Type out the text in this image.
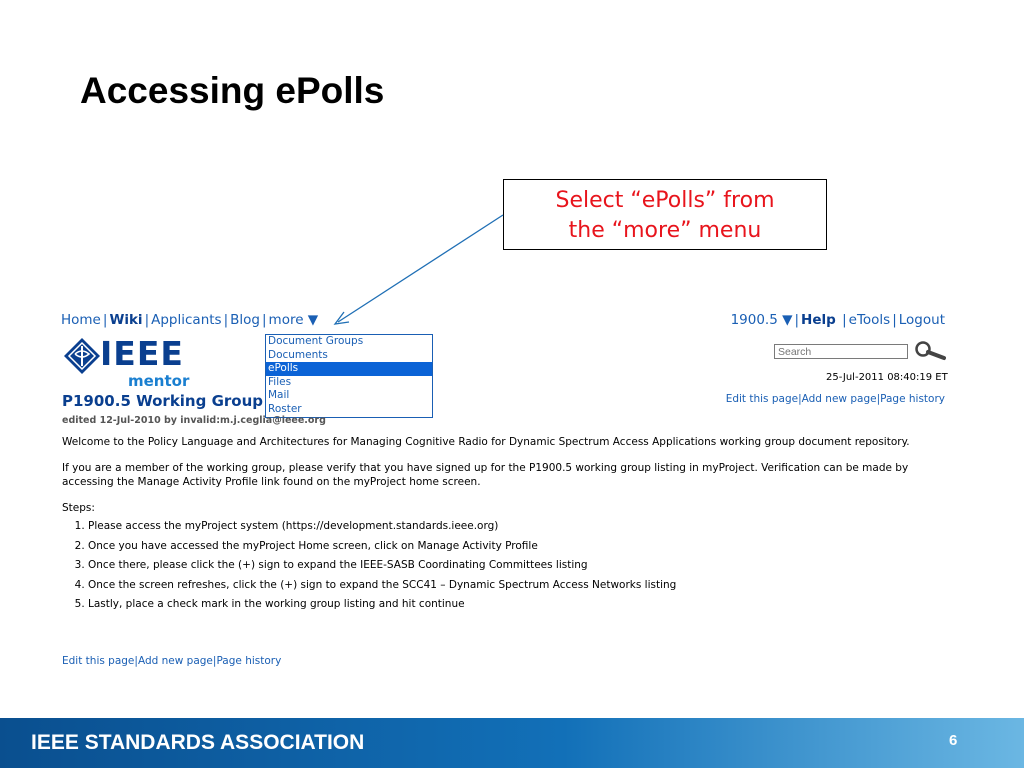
Accessing ePolls
Select “ePolls” from
the “more” menu
Home | Wiki | Applicants | Blog | more ▼	1900.5 ▼ | Help | eTools | Logout
Document Groups
Documents
ePolls
Files
Mail
Roster
IEEE
mentor
Search	25-Jul-2011 08:40:19 ET
Edit this page|Add new page|Page history
P1900.5 Working Group
edited 12-Jul-2010 by invalid:m.j.ceglia@ieee.org

Welcome to the Policy Language and Architectures for Managing Cognitive Radio for Dynamic Spectrum Access Applications working group document repository.

If you are a member of the working group, please verify that you have signed up for the P1900.5 working group listing in myProject. Verification can be made by accessing the Manage Activity Profile link found on the myProject home screen.

Steps:

1. Please access the myProject system (https://development.standards.ieee.org)
2. Once you have accessed the myProject Home screen, click on Manage Activity Profile
3. Once there, please click the (+) sign to expand the IEEE-SASB Coordinating Committees listing
4. Once the screen refreshes, click the (+) sign to expand the SCC41 – Dynamic Spectrum Access Networks listing
5. Lastly, place a check mark in the working group listing and hit continue
Edit this page|Add new page|Page history
IEEE STANDARDS ASSOCIATION	6
